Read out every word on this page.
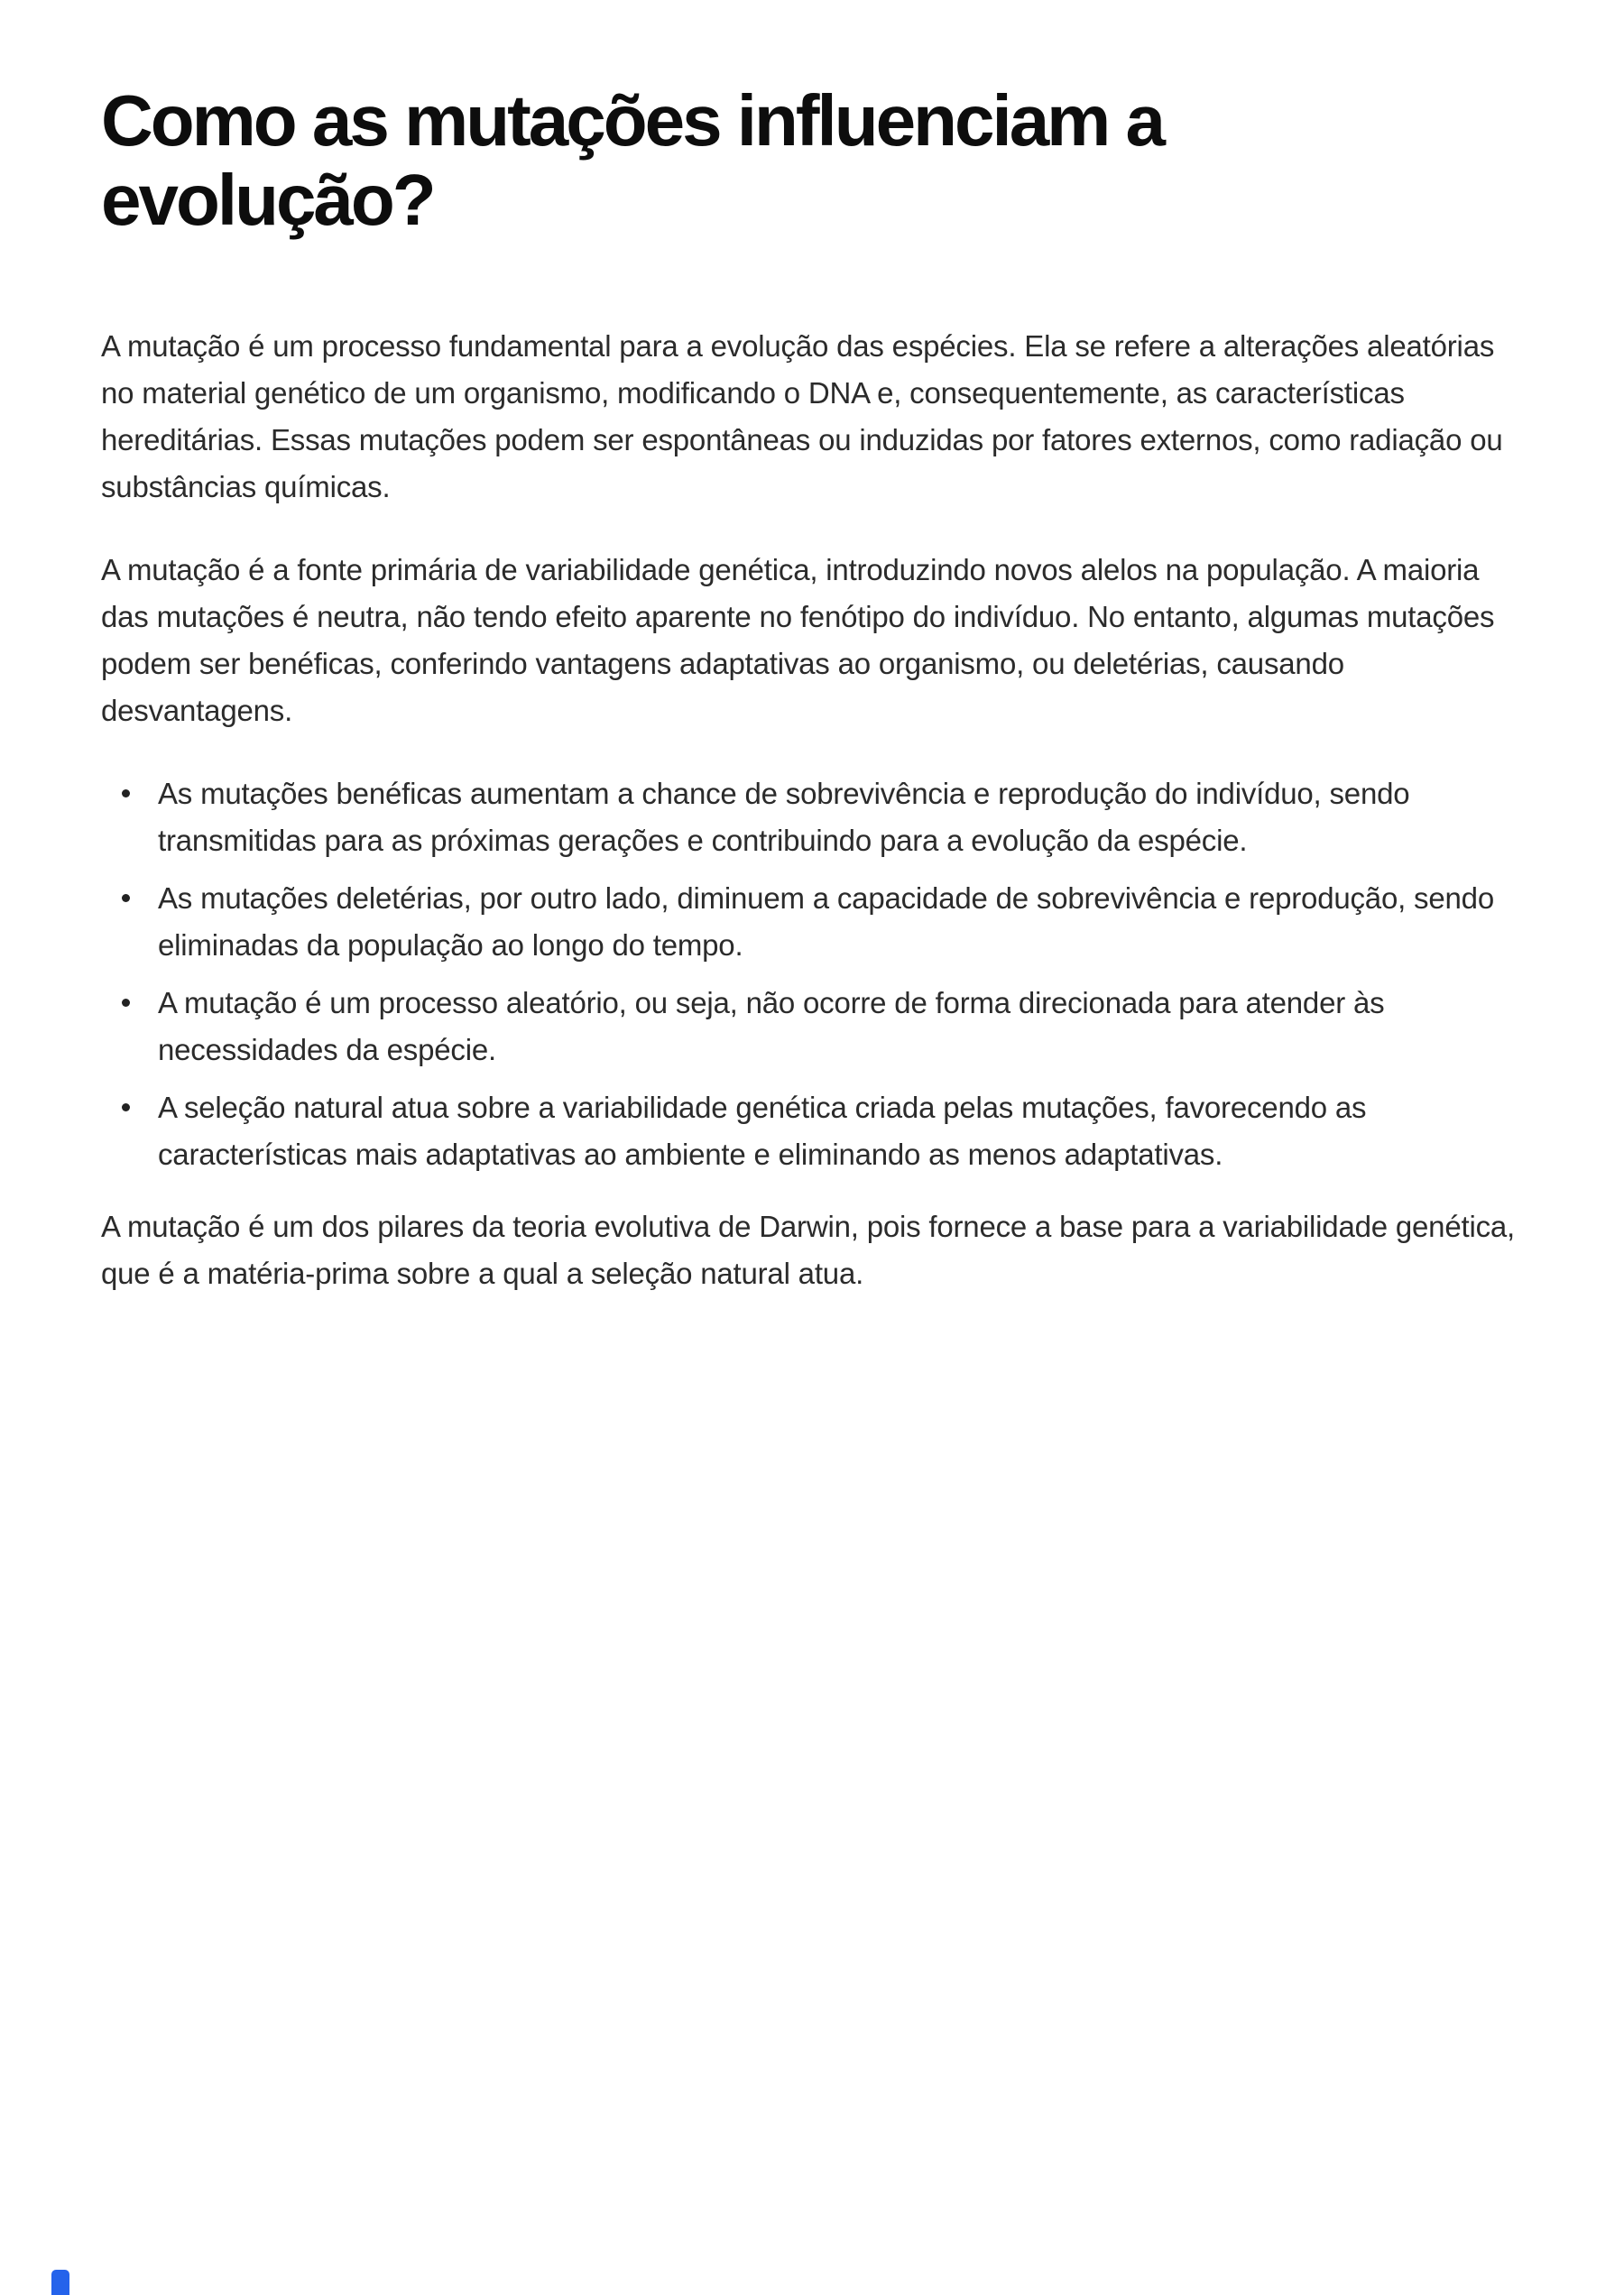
Como as mutações influenciam a evolução?

A mutação é um processo fundamental para a evolução das espécies. Ela se refere a alterações aleatórias no material genético de um organismo, modificando o DNA e, consequentemente, as características hereditárias. Essas mutações podem ser espontâneas ou induzidas por fatores externos, como radiação ou substâncias químicas.

A mutação é a fonte primária de variabilidade genética, introduzindo novos alelos na população. A maioria das mutações é neutra, não tendo efeito aparente no fenótipo do indivíduo. No entanto, algumas mutações podem ser benéficas, conferindo vantagens adaptativas ao organismo, ou deletérias, causando desvantagens.

As mutações benéficas aumentam a chance de sobrevivência e reprodução do indivíduo, sendo transmitidas para as próximas gerações e contribuindo para a evolução da espécie.
As mutações deletérias, por outro lado, diminuem a capacidade de sobrevivência e reprodução, sendo eliminadas da população ao longo do tempo.
A mutação é um processo aleatório, ou seja, não ocorre de forma direcionada para atender às necessidades da espécie.
A seleção natural atua sobre a variabilidade genética criada pelas mutações, favorecendo as características mais adaptativas ao ambiente e eliminando as menos adaptativas.

A mutação é um dos pilares da teoria evolutiva de Darwin, pois fornece a base para a variabilidade genética, que é a matéria-prima sobre a qual a seleção natural atua.
